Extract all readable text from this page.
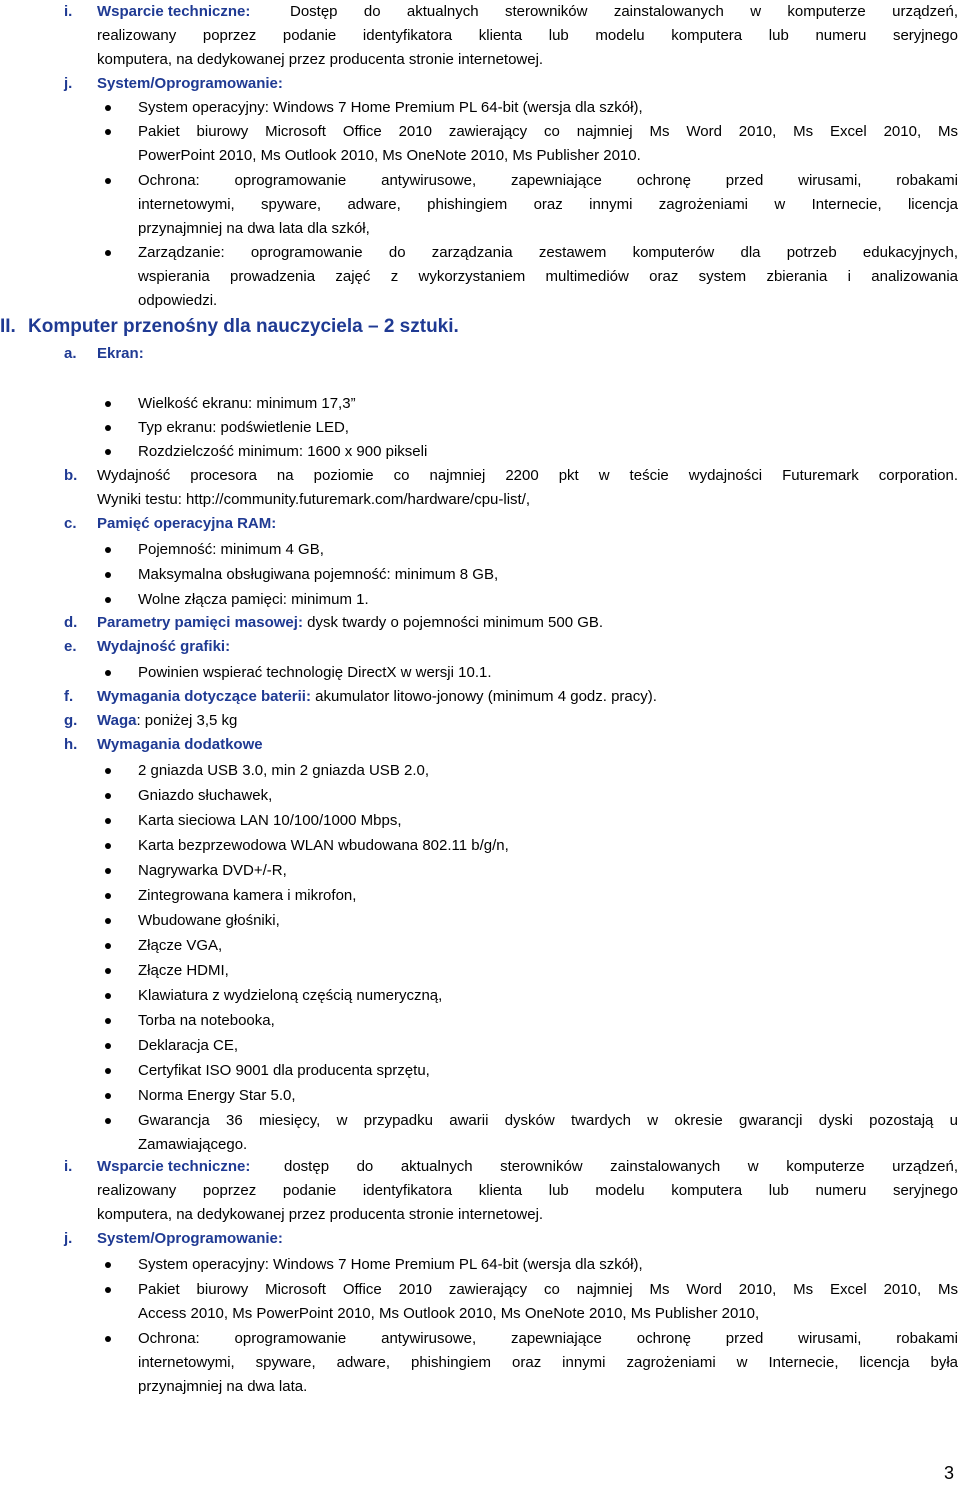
i. Wsparcie techniczne:	Dostęp do aktualnych sterowników zainstalowanych w komputerze urządzeń,
realizowany poprzez podanie identyfikatora klienta lub modelu komputera lub numeru seryjnego
komputera, na dedykowanej przez producenta stronie internetowej.
j. System/Oprogramowanie:
System operacyjny: Windows 7 Home Premium PL 64-bit (wersja dla szkół),
Pakiet biurowy Microsoft Office 2010 zawierający co najmniej Ms Word 2010, Ms Excel 2010, Ms
PowerPoint 2010, Ms Outlook 2010, Ms OneNote 2010, Ms Publisher 2010.
Ochrona: oprogramowanie antywirusowe, zapewniające ochronę przed wirusami, robakami
internetowymi, spyware, adware, phishingiem oraz innymi zagrożeniami w Internecie, licencja
przynajmniej na dwa lata dla szkół,
Zarządzanie: oprogramowanie do zarządzania zestawem komputerów dla potrzeb edukacyjnych,
wspierania prowadzenia zajęć z wykorzystaniem multimediów oraz system zbierania i analizowania
odpowiedzi.
II. Komputer przenośny dla nauczyciela – 2 sztuki.
a. Ekran:
Wielkość ekranu: minimum 17,3”
Typ ekranu: podświetlenie LED,
Rozdzielczość minimum: 1600 x 900 pikseli
b. Wydajność procesora na poziomie co najmniej 2200 pkt w teście wydajności Futuremark corporation.
Wyniki testu: http://community.futuremark.com/hardware/cpu-list/,
c. Pamięć operacyjna RAM:
Pojemność: minimum 4 GB,
Maksymalna obsługiwana pojemność: minimum 8 GB,
Wolne złącza pamięci: minimum 1.
d. Parametry pamięci masowej: dysk twardy o pojemności minimum 500 GB.
e. Wydajność grafiki:
Powinien wspierać technologię DirectX w wersji 10.1.
f. Wymagania dotyczące baterii: akumulator litowo-jonowy (minimum 4 godz. pracy).
g. Waga: poniżej 3,5 kg
h. Wymagania dodatkowe
2 gniazda USB 3.0, min 2 gniazda USB 2.0,
Gniazdo słuchawek,
Karta sieciowa LAN 10/100/1000 Mbps,
Karta bezprzewodowa WLAN wbudowana 802.11 b/g/n,
Nagrywarka DVD+/-R,
Zintegrowana kamera i mikrofon,
Wbudowane głośniki,
Złącze VGA,
Złącze HDMI,
Klawiatura z wydzieloną częścią numeryczną,
Torba na notebooka,
Deklaracja CE,
Certyfikat ISO 9001 dla producenta sprzętu,
Norma Energy Star 5.0,
Gwarancja 36 miesięcy, w przypadku awarii dysków twardych w okresie gwarancji dyski pozostają u
Zamawiającego.
i. Wsparcie techniczne: dostęp do aktualnych sterowników zainstalowanych w komputerze urządzeń,
realizowany poprzez podanie identyfikatora klienta lub modelu komputera lub numeru seryjnego
komputera, na dedykowanej przez producenta stronie internetowej.
j. System/Oprogramowanie:
System operacyjny: Windows 7 Home Premium PL 64-bit (wersja dla szkół),
Pakiet biurowy Microsoft Office 2010 zawierający co najmniej Ms Word 2010, Ms Excel 2010, Ms
Access 2010, Ms PowerPoint 2010, Ms Outlook 2010, Ms OneNote 2010, Ms Publisher 2010,
Ochrona: oprogramowanie antywirusowe, zapewniające ochronę przed wirusami, robakami
internetowymi, spyware, adware, phishingiem oraz innymi zagrożeniami w Internecie, licencja była
przynajmniej na dwa lata.
3
